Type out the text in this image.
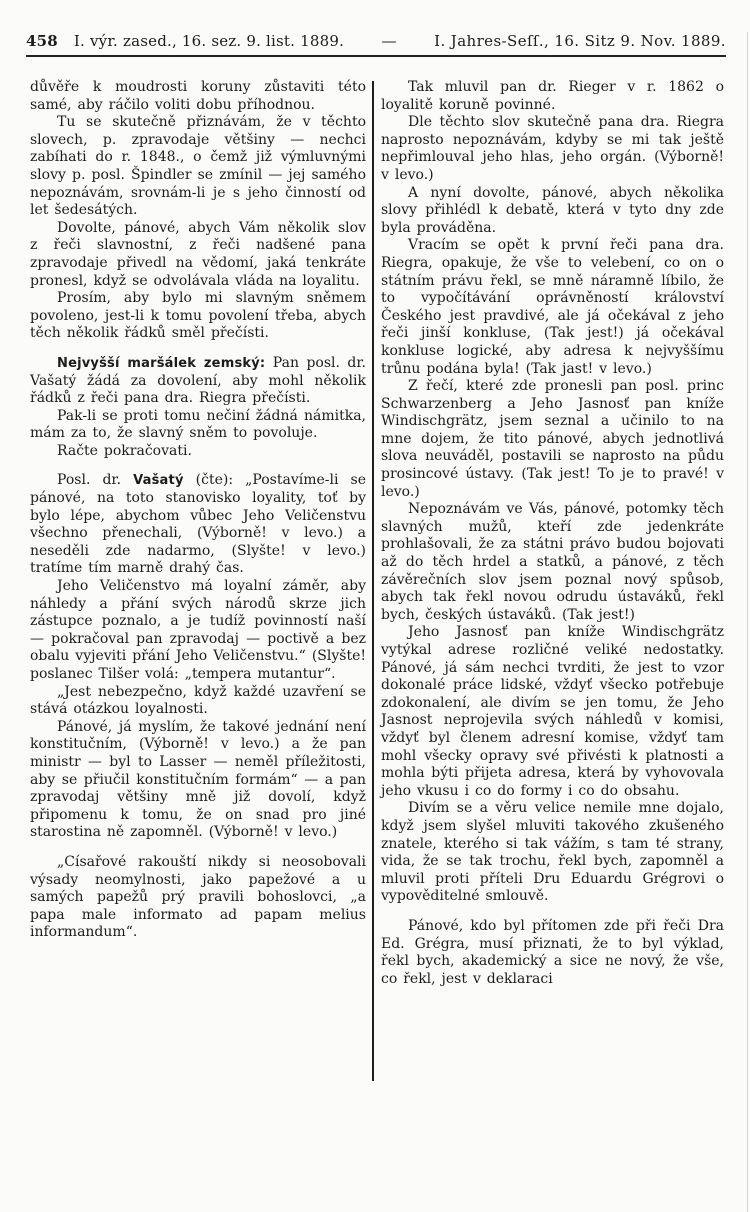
458 I. výr. zased., 16. sez. 9. list. 1889. — I. Jahres-Seſſ., 16. Sitz 9. Nov. 1889.

důvěře k moudrosti koruny zůstaviti této samé, aby ráčilo voliti dobu příhodnou.

Tu se skutečně přiznávám, že v těchto slovech, p. zpravodaje většiny — nechci zabíhati do r. 1848., o čemž již výmluvnými slovy p. posl. Špindler se zmínil — jej samého nepoznávám, srovnám-li je s jeho činností od let šedesátých.

Dovolte, pánové, abych Vám několik slov z řeči slavnostní, z řeči nadšené pana zpravodaje přivedl na vědomí, jaká tenkráte pronesl, když se odvolávala vláda na loyalitu.

Prosím, aby bylo mi slavným sněmem povoleno, jest-li k tomu povolení třeba, abych těch několik řádků směl přečísti.

Nejvyšší maršálek zemský: Pan posl. dr. Vašatý žádá za dovolení, aby mohl několik řádků z řeči pana dra. Riegra přečísti.

Pak-li se proti tomu nečiní žádná námitka, mám za to, že slavný sněm to povoluje.

Račte pokračovati.

Posl. dr. Vašatý (čte): „Postavíme-li se pánové, na toto stanovisko loyality, toť by bylo lépe, abychom vůbec Jeho Veličenstvu všechno přenechali, (Výborně! v levo.) a neseděli zde nadarmo, (Slyšte! v levo.) tratíme tím marně drahý čas.

Jeho Veličenstvo má loyalní záměr, aby náhledy a přání svých národů skrze jich zástupce poznalo, a je tudíž povinností naší — pokračoval pan zpravodaj — poctivě a bez obalu vyjeviti přání Jeho Veličenstvu.“ (Slyšte! poslanec Tilšer volá: „tempera mutantur“.

„Jest nebezpečno, když každé uzavření se stává otázkou loyalnosti.

Pánové, já myslím, že takové jednání není konstitučním, (Výborně! v levo.) a že pan ministr — byl to Lasser — neměl příležitosti, aby se přiučil konstitučním formám“ — a pan zpravodaj většiny mně již dovolí, když připomenu k tomu, že on snad pro jiné starostina ně zapomněl. (Výborně! v levo.)

„Císařové rakouští nikdy si neosobovali výsady neomylnosti, jako papežové a u samých papežů prý pravili bohoslovci, „a papa male informato ad papam melius informandum“.

Tak mluvil pan dr. Rieger v r. 1862 o loyalitě koruně povinné.

Dle těchto slov skutečně pana dra. Riegra naprosto nepoznávám, kdyby se mi tak ještě nepřimlouval jeho hlas, jeho orgán. (Výborně! v levo.)

A nyní dovolte, pánové, abych několika slovy přihlédl k debatě, která v tyto dny zde byla prováděna.

Vracím se opět k první řeči pana dra. Riegra, opakuje, že vše to velebení, co on o státním právu řekl, se mně náramně líbilo, že to vypočítávání oprávněností království Českého jest pravdivé, ale já očekával z jeho řeči jinší konkluse, (Tak jest!) já očekával konkluse logické, aby adresa k nejvyššímu trůnu podána byla! (Tak jast! v levo.)

Z řečí, které zde pronesli pan posl. princ Schwarzenberg a Jeho Jasnosť pan kníže Windischgrätz, jsem seznal a učinilo to na mne dojem, že tito pánové, abych jednotlivá slova neuváděl, postavili se naprosto na půdu prosincové ústavy. (Tak jest! To je to pravé! v levo.)

Nepoznávám ve Vás, pánové, potomky těch slavných mužů, kteří zde jedenkráte prohlašovali, že za státni právo budou bojovati až do těch hrdel a statků, a pánové, z těch závěrečních slov jsem poznal nový spůsob, abych tak řekl novou odrudu ústaváků, řekl bych, českých ústaváků. (Tak jest!)

Jeho Jasnosť pan kníže Windischgrätz vytýkal adrese rozličné veliké nedostatky. Pánové, já sám nechci tvrditi, že jest to vzor dokonalé práce lidské, vždyť všecko potřebuje zdokonalení, ale divím se jen tomu, že Jeho Jasnost neprojevila svých náhledů v komisi, vždyť byl členem adresní komise, vždyť tam mohl všecky opravy své přivésti k platnosti a mohla býti přijeta adresa, která by vyhovovala jeho vkusu i co do formy i co do obsahu.

Divím se a věru velice nemile mne dojalo, když jsem slyšel mluviti takového zkušeného znatele, kterého si tak vážím, s tam té strany, vida, že se tak trochu, řekl bych, zapomněl a mluvil proti příteli Dru Eduardu Grégrovi o vypověditelné smlouvě.

Pánové, kdo byl přítomen zde při řeči Dra Ed. Grégra, musí přiznati, že to byl výklad, řekl bych, akademický a sice ne nový, že vše, co řekl, jest v deklaraci
